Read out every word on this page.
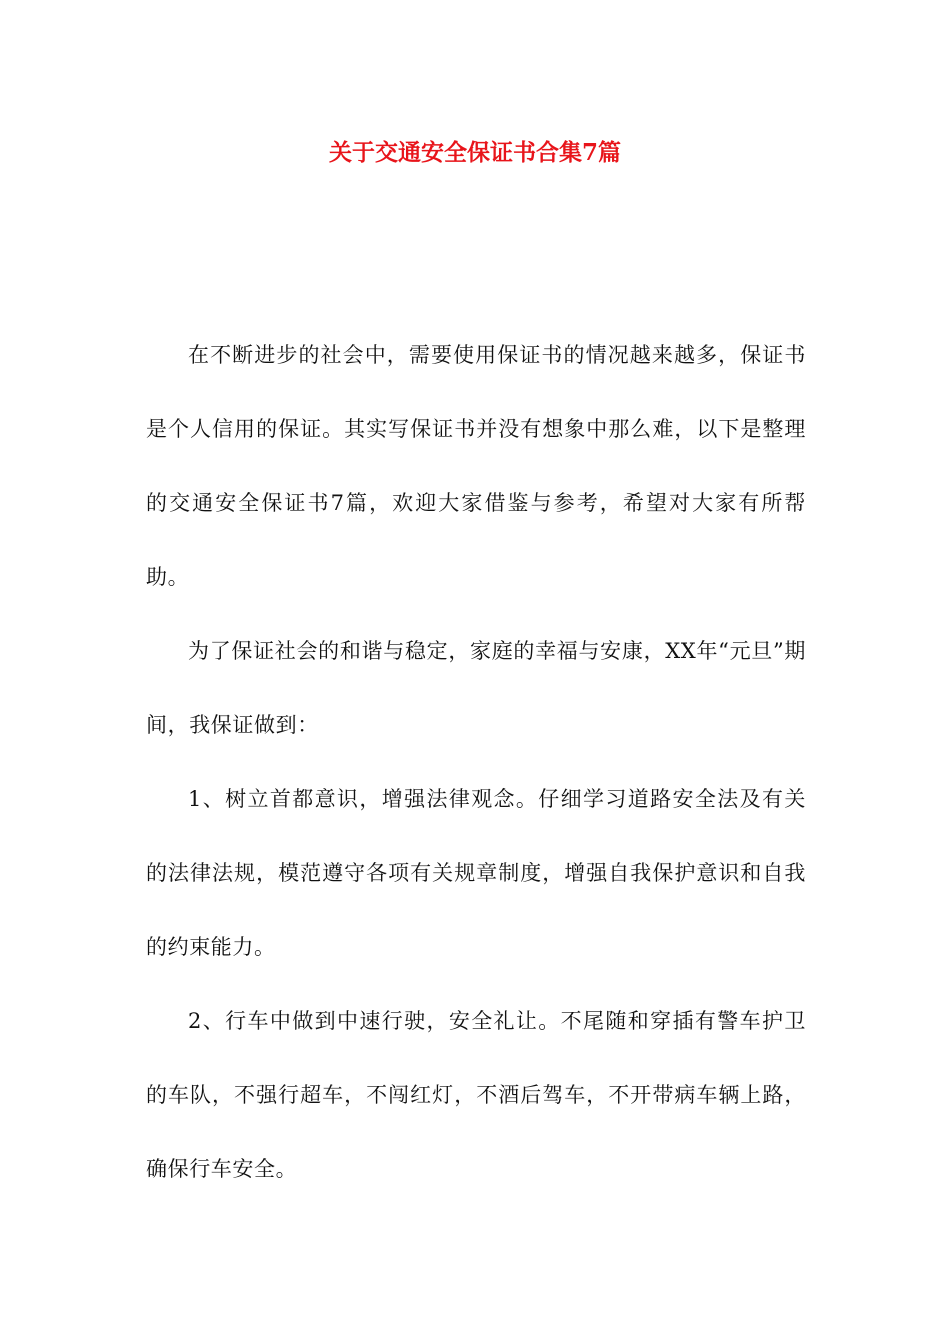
关于交通安全保证书合集7篇

在不断进步的社会中，需要使用保证书的情况越来越多，保证书是个人信用的保证。其实写保证书并没有想象中那么难，以下是整理的交通安全保证书7篇，欢迎大家借鉴与参考，希望对大家有所帮助。

为了保证社会的和谐与稳定，家庭的幸福与安康，XX年“元旦”期间，我保证做到：

1、树立首都意识，增强法律观念。仔细学习道路安全法及有关的法律法规，模范遵守各项有关规章制度，增强自我保护意识和自我的约束能力。

2、行车中做到中速行驶，安全礼让。不尾随和穿插有警车护卫的车队，不强行超车，不闯红灯，不酒后驾车，不开带病车辆上路，确保行车安全。
